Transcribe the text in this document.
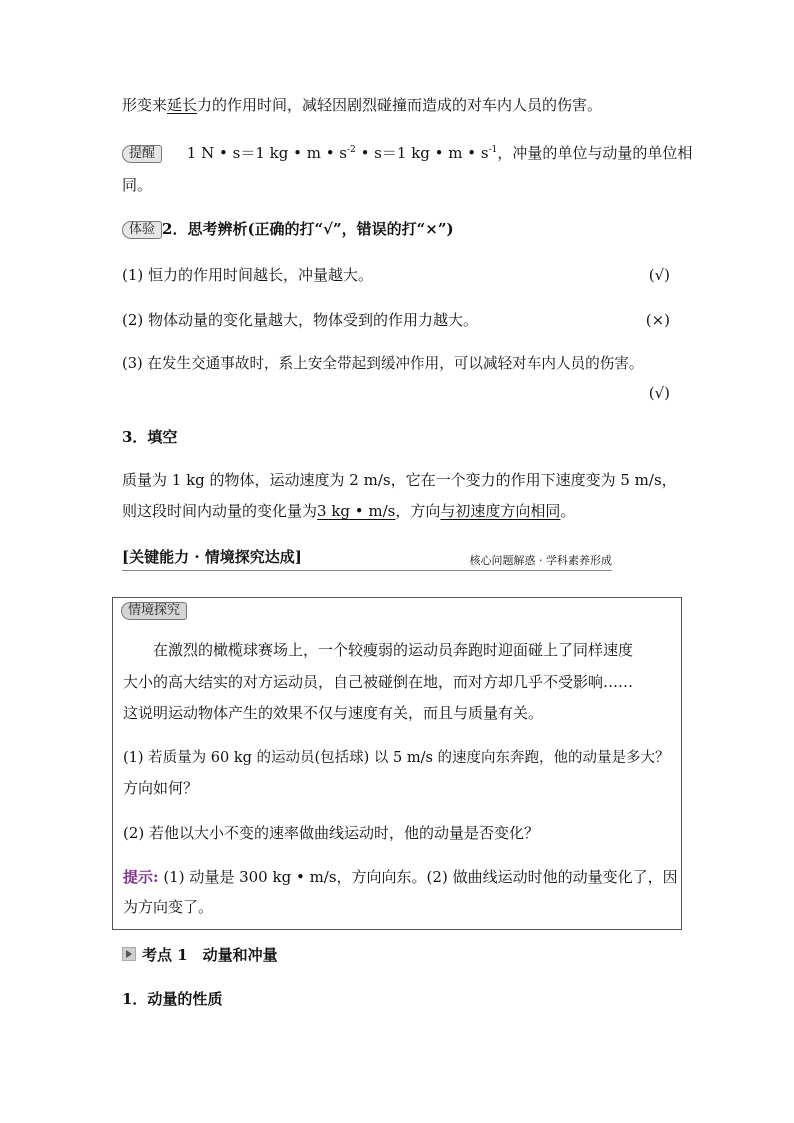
形变来延长力的作用时间，减轻因剧烈碰撞而造成的对车内人员的伤害。
提醒 1 N • s＝1 kg • m • $s^{-2}$ • s＝1 kg • m • $s^{-1}$，冲量的单位与动量的单位相
同。
体验 2．思考辨析(正确的打“√”，错误的打“×”)
(1) 恒力的作用时间越长，冲量越大。	(√)
(2) 物体动量的变化量越大，物体受到的作用力越大。	(×)
(3) 在发生交通事故时，系上安全带起到缓冲作用，可以减轻对车内人员的伤害。
(√)
3．填空
质量为 1 kg 的物体，运动速度为 2 m/s，它在一个变力的作用下速度变为 5 m/s，
则这段时间内动量的变化量为3 kg • m/s，方向与初速度方向相同。
[关键能力 · 情境探究达成]	核心问题解惑 · 学科素养形成
情境探究
在激烈的橄榄球赛场上，一个较瘦弱的运动员奔跑时迎面碰上了同样速度
大小的高大结实的对方运动员，自己被碰倒在地，而对方却几乎不受影响……
这说明运动物体产生的效果不仅与速度有关，而且与质量有关。
(1) 若质量为 60 kg 的运动员(包括球) 以 5 m/s 的速度向东奔跑，他的动量是多大？
方向如何？
(2) 若他以大小不变的速率做曲线运动时，他的动量是否变化？
提示: (1) 动量是 300 kg • m/s，方向向东。(2) 做曲线运动时他的动量变化了，因
为方向变了。
考点 1　动量和冲量
1．动量的性质
